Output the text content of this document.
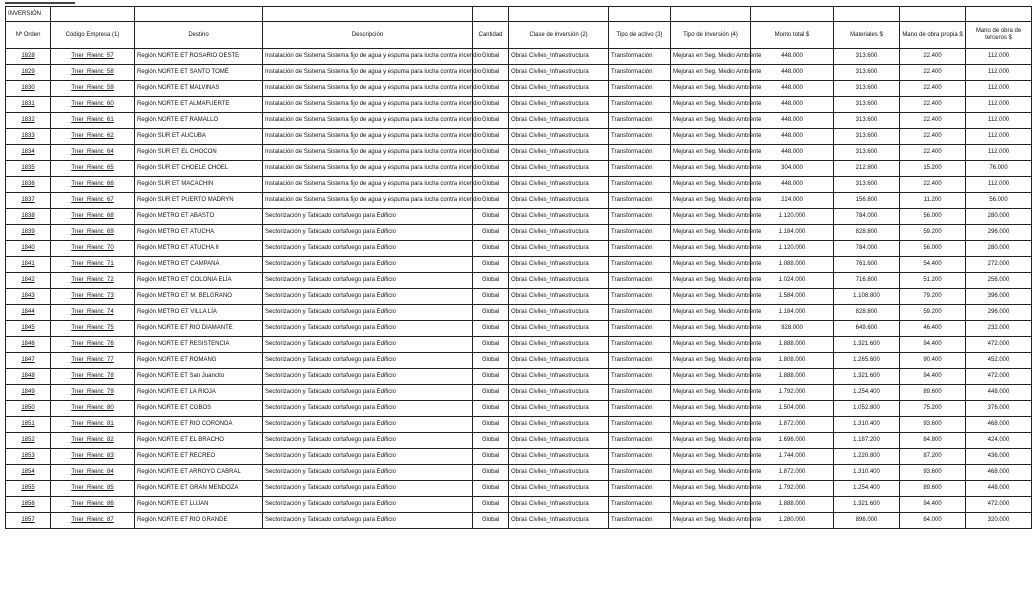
INVERSIÓN											
Nº Orden	Código Empresa (1)	Destino	Descripción	Cantidad	Clase de inversión (2)	Tipo de activo (3)	Tipo de Inversión (4)	Monto total $	Materiales $	Mano de obra propia $	Mano de obra de terceros $
1828	Tner_Rieinc_57	Región NORTE ET ROSARIO OESTE	Instalación de Sistema Sistema fijo de agua y espuma para lucha contra incendio	Global	Obras Civiles_Infraestructura	Transformación	Mejoras en Seg. Medio Ambiente	448.000	313.600	22.400	112.000
1829	Tner_Rieinc_58	Región NORTE ET SANTO TOMÉ	Instalación de Sistema Sistema fijo de agua y espuma para lucha contra incendio	Global	Obras Civiles_Infraestructura	Transformación	Mejoras en Seg. Medio Ambiente	448.000	313.600	22.400	112.000
1830	Tner_Rieinc_59	Región NORTE ET MALVINAS	Instalación de Sistema Sistema fijo de agua y espuma para lucha contra incendio	Global	Obras Civiles_Infraestructura	Transformación	Mejoras en Seg. Medio Ambiente	448.000	313.600	22.400	112.000
1831	Tner_Rieinc_60	Región NORTE ET ALMAFUERTE	Instalación de Sistema Sistema fijo de agua y espuma para lucha contra incendio	Global	Obras Civiles_Infraestructura	Transformación	Mejoras en Seg. Medio Ambiente	448.000	313.600	22.400	112.000
1832	Tner_Rieinc_61	Región NORTE ET RAMALLO	Instalación de Sistema Sistema fijo de agua y espuma para lucha contra incendio	Global	Obras Civiles_Infraestructura	Transformación	Mejoras en Seg. Medio Ambiente	448.000	313.600	22.400	112.000
1833	Tner_Rieinc_62	Región SUR ET AUCUBA	Instalación de Sistema Sistema fijo de agua y espuma para lucha contra incendio	Global	Obras Civiles_Infraestructura	Transformación	Mejoras en Seg. Medio Ambiente	448.000	313.600	22.400	112.000
1834	Tner_Rieinc_64	Región SUR ET EL CHOCON	Instalación de Sistema Sistema fijo de agua y espuma para lucha contra incendio	Global	Obras Civiles_Infraestructura	Transformación	Mejoras en Seg. Medio Ambiente	448.000	313.600	22.400	112.000
1835	Tner_Rieinc_65	Región SUR ET CHOELE CHOEL	Instalación de Sistema Sistema fijo de agua y espuma para lucha contra incendio	Global	Obras Civiles_Infraestructura	Transformación	Mejoras en Seg. Medio Ambiente	304.000	212.800	15.200	76.000
1836	Tner_Rieinc_66	Región SUR ET MACACHIN	Instalación de Sistema Sistema fijo de agua y espuma para lucha contra incendio	Global	Obras Civiles_Infraestructura	Transformación	Mejoras en Seg. Medio Ambiente	448.000	313.600	22.400	112.000
1837	Tner_Rieinc_67	Región SUR ET PUERTO MADRYN	Instalación de Sistema Sistema fijo de agua y espuma para lucha contra incendio	Global	Obras Civiles_Infraestructura	Transformación	Mejoras en Seg. Medio Ambiente	224.000	156.800	11.200	56.000
1838	Tner_Rieinc_68	Región METRO ET ABASTO	Sectorización y Tabicado cortafuego para Edificio	Global	Obras Civiles_Infraestructura	Transformación	Mejoras en Seg. Medio Ambiente	1.120.000	784.000	56.000	280.000
1839	Tner_Rieinc_69	Región METRO ET ATUCHA	Sectorización y Tabicado cortafuego para Edificio	Global	Obras Civiles_Infraestructura	Transformación	Mejoras en Seg. Medio Ambiente	1.184.000	828.800	59.200	296.000
1840	Tner_Rieinc_70	Región METRO ET ATUCHA II	Sectorización y Tabicado cortafuego para Edificio	Global	Obras Civiles_Infraestructura	Transformación	Mejoras en Seg. Medio Ambiente	1.120.000	784.000	56.000	280.000
1841	Tner_Rieinc_71	Región METRO ET CAMPANA	Sectorización y Tabicado cortafuego para Edificio	Global	Obras Civiles_Infraestructura	Transformación	Mejoras en Seg. Medio Ambiente	1.088.000	761.600	54.400	272.000
1842	Tner_Rieinc_72	Región METRO ET COLONIA ELÍA	Sectorización y Tabicado cortafuego para Edificio	Global	Obras Civiles_Infraestructura	Transformación	Mejoras en Seg. Medio Ambiente	1.024.000	716.800	51.200	256.000
1843	Tner_Rieinc_73	Región METRO ET M. BELGRANO	Sectorización y Tabicado cortafuego para Edificio	Global	Obras Civiles_Infraestructura	Transformación	Mejoras en Seg. Medio Ambiente	1.584.000	1.108.800	79.200	396.000
1844	Tner_Rieinc_74	Región METRO ET VILLA LÍA	Sectorización y Tabicado cortafuego para Edificio	Global	Obras Civiles_Infraestructura	Transformación	Mejoras en Seg. Medio Ambiente	1.184.000	828.800	59.200	296.000
1845	Tner_Rieinc_75	Región NORTE ET RIO DIAMANTE	Sectorización y Tabicado cortafuego para Edificio	Global	Obras Civiles_Infraestructura	Transformación	Mejoras en Seg. Medio Ambiente	928.000	649.600	46.400	232.000
1846	Tner_Rieinc_76	Región NORTE ET RESISTENCIA	Sectorización y Tabicado cortafuego para Edificio	Global	Obras Civiles_Infraestructura	Transformación	Mejoras en Seg. Medio Ambiente	1.888.000	1.321.600	94.400	472.000
1847	Tner_Rieinc_77	Región NORTE ET ROMANG	Sectorización y Tabicado cortafuego para Edificio	Global	Obras Civiles_Infraestructura	Transformación	Mejoras en Seg. Medio Ambiente	1.808.000	1.265.600	90.400	452.000
1848	Tner_Rieinc_78	Región NORTE ET San Juancito	Sectorización y Tabicado cortafuego para Edificio	Global	Obras Civiles_Infraestructura	Transformación	Mejoras en Seg. Medio Ambiente	1.888.000	1.321.600	94.400	472.000
1849	Tner_Rieinc_79	Región NORTE ET LA RIOJA	Sectorización y Tabicado cortafuego para Edificio	Global	Obras Civiles_Infraestructura	Transformación	Mejoras en Seg. Medio Ambiente	1.792.000	1.254.400	89.600	448.000
1850	Tner_Rieinc_80	Región NORTE ET COBOS	Sectorización y Tabicado cortafuego para Edificio	Global	Obras Civiles_Infraestructura	Transformación	Mejoras en Seg. Medio Ambiente	1.504.000	1.052.800	75.200	376.000
1851	Tner_Rieinc_81	Región NORTE ET RIO CORONDA	Sectorización y Tabicado cortafuego para Edificio	Global	Obras Civiles_Infraestructura	Transformación	Mejoras en Seg. Medio Ambiente	1.872.000	1.310.400	93.600	468.000
1852	Tner_Rieinc_82	Región NORTE ET EL BRACHO	Sectorización y Tabicado cortafuego para Edificio	Global	Obras Civiles_Infraestructura	Transformación	Mejoras en Seg. Medio Ambiente	1.696.000	1.187.200	84.800	424.000
1853	Tner_Rieinc_83	Región NORTE ET RECREO	Sectorización y Tabicado cortafuego para Edificio	Global	Obras Civiles_Infraestructura	Transformación	Mejoras en Seg. Medio Ambiente	1.744.000	1.220.800	87.200	436.000
1854	Tner_Rieinc_84	Región NORTE ET ARROYO CABRAL	Sectorización y Tabicado cortafuego para Edificio	Global	Obras Civiles_Infraestructura	Transformación	Mejoras en Seg. Medio Ambiente	1.872.000	1.310.400	93.600	468.000
1855	Tner_Rieinc_85	Región NORTE ET GRAN MENDOZA	Sectorización y Tabicado cortafuego para Edificio	Global	Obras Civiles_Infraestructura	Transformación	Mejoras en Seg. Medio Ambiente	1.792.000	1.254.400	89.600	448.000
1856	Tner_Rieinc_86	Región NORTE ET LUJAN	Sectorización y Tabicado cortafuego para Edificio	Global	Obras Civiles_Infraestructura	Transformación	Mejoras en Seg. Medio Ambiente	1.888.000	1.321.600	94.400	472.000
1857	Tner_Rieinc_87	Región NORTE ET RIO GRANDE	Sectorización y Tabicado cortafuego para Edificio	Global	Obras Civiles_Infraestructura	Transformación	Mejoras en Seg. Medio Ambiente	1.280.000	896.000	64.000	320.000
